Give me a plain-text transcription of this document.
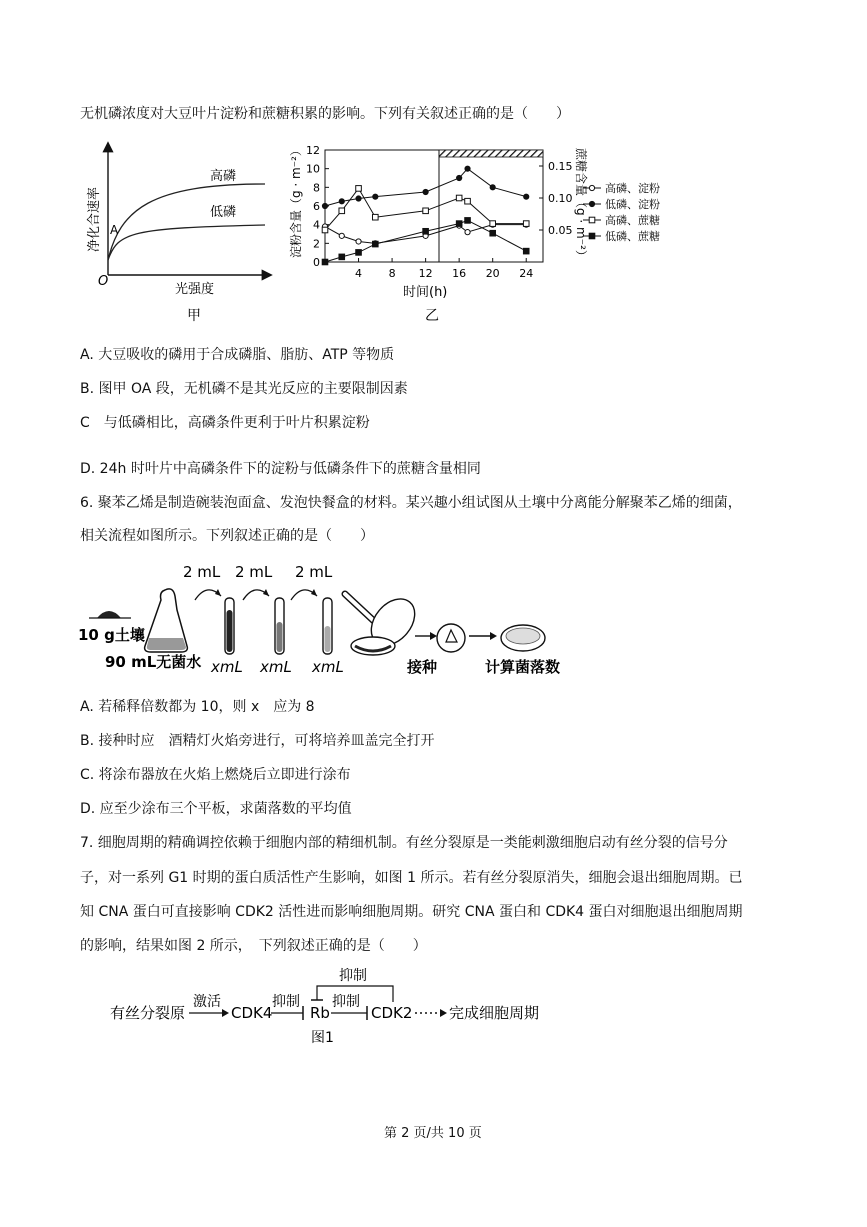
无机磷浓度对大豆叶片淀粉和蔗糖积累的影响。下列有关叙述正确的是（　　）
净化合速率
O
A
高磷
低磷
光强度
甲
淀粉含量（g · m⁻²）	蔗糖含量（g · m⁻²）
时间(h)
乙
0
2
4
6
8
10
12
0.05
0.10
0.15
4 8 12 16 20 24
高磷、淀粉
低磷、淀粉
高磷、蔗糖
低磷、蔗糖
A. 大豆吸收的磷用于合成磷脂、脂肪、ATP 等物质
B. 图甲 OA 段，无机磷不是其光反应的主要限制因素
C　与低磷相比，高磷条件更利于叶片积累淀粉
D. 24h 时叶片中高磷条件下的淀粉与低磷条件下的蔗糖含量相同
6. 聚苯乙烯是制造碗装泡面盒、发泡快餐盒的材料。某兴趣小组试图从土壤中分离能分解聚苯乙烯的细菌，
相关流程如图所示。下列叙述正确的是（　　）
10 g土壤
90 mL无菌水
2 mL 2 mL 2 mL
xmL xmL xmL	接种	计算菌落数
A. 若稀释倍数都为 10，则 x　应为 8
B. 接种时应　酒精灯火焰旁进行，可将培养皿盖完全打开
C. 将涂布器放在火焰上燃烧后立即进行涂布
D. 应至少涂布三个平板，求菌落数的平均值
7. 细胞周期的精确调控依赖于细胞内部的精细机制。有丝分裂原是一类能刺激细胞启动有丝分裂的信号分
子，对一系列 G1 时期的蛋白质活性产生影响，如图 1 所示。若有丝分裂原消失，细胞会退出细胞周期。已
知 CNA 蛋白可直接影响 CDK2 活性进而影响细胞周期。研究 CNA 蛋白和 CDK4 蛋白对细胞退出细胞周期
的影响，结果如图 2 所示，　下列叙述正确的是（　　）
有丝分裂原
激活
CDK4
抑制
Rb
抑制
抑制
CDK2 完成细胞周期
图1
第 2 页/共 10 页
